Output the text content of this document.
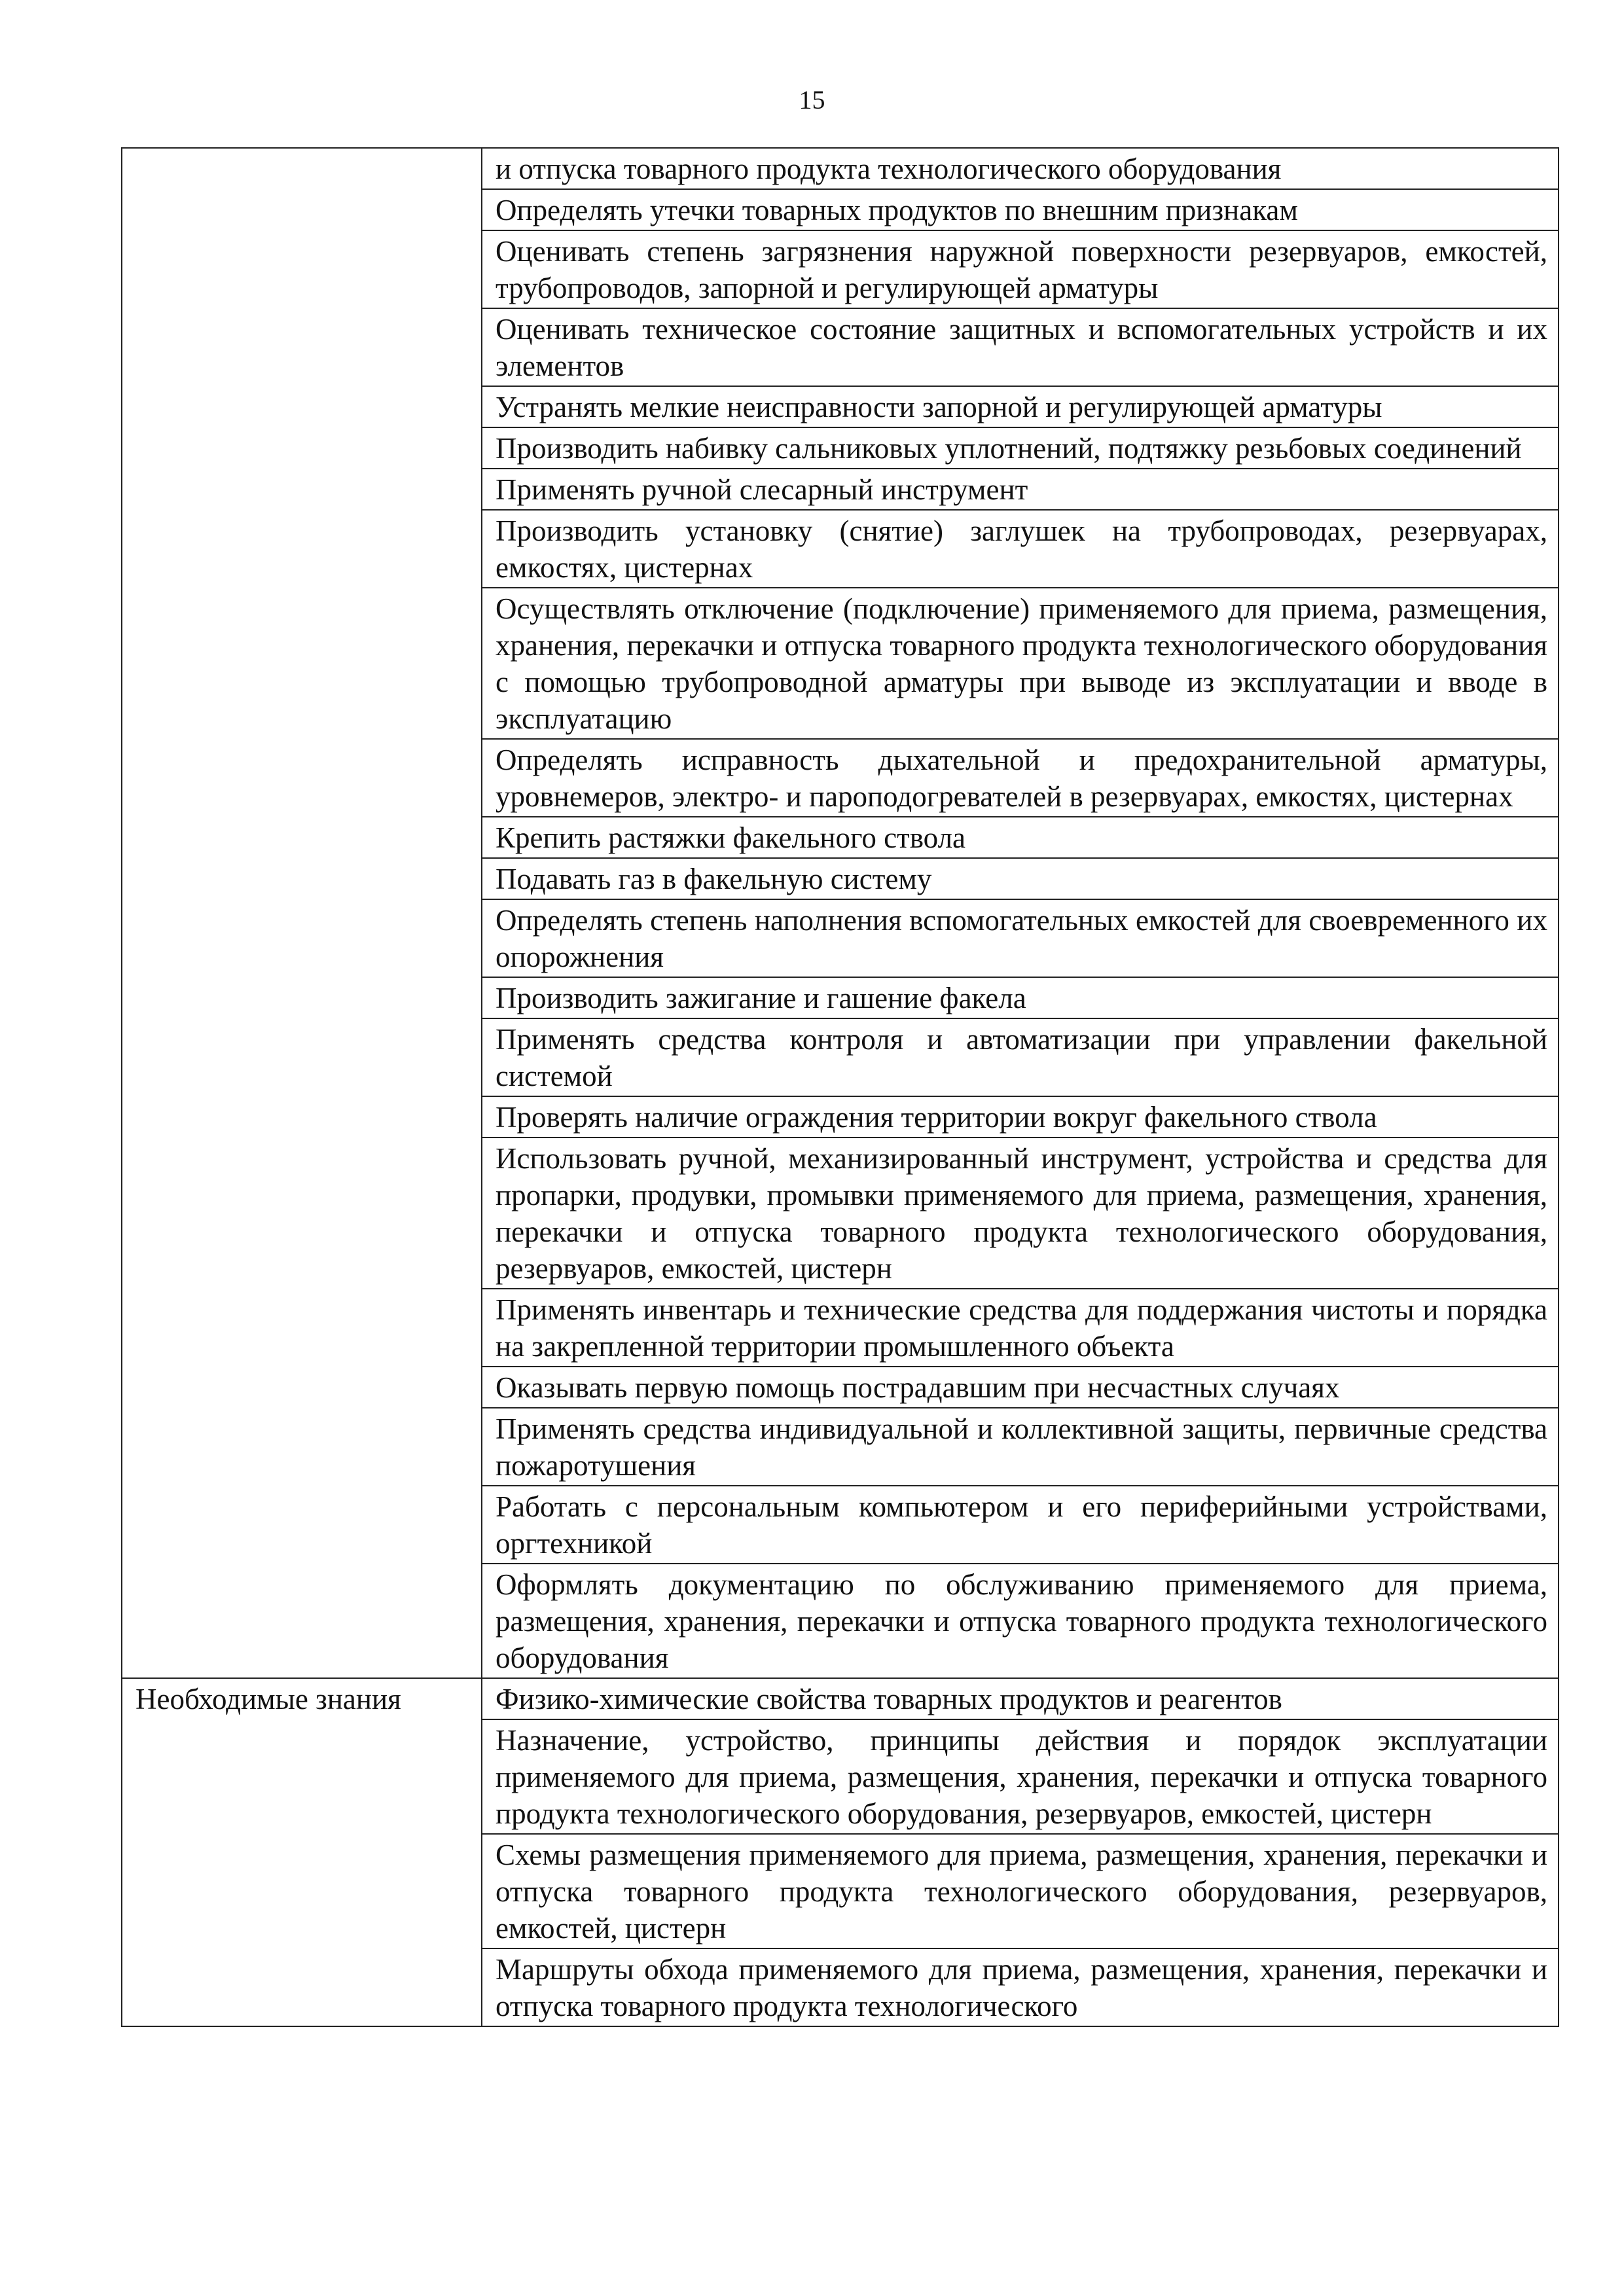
15
	и отпуска товарного продукта технологического оборудования
	Определять утечки товарных продуктов по внешним признакам
	Оценивать степень загрязнения наружной поверхности резервуаров, емкостей, трубопроводов, запорной и регулирующей арматуры
	Оценивать техническое состояние защитных и вспомогательных устройств и их элементов
	Устранять мелкие неисправности запорной и регулирующей арматуры
	Производить набивку сальниковых уплотнений, подтяжку резьбовых соединений
	Применять ручной слесарный инструмент
	Производить установку (снятие) заглушек на трубопроводах, резервуарах, емкостях, цистернах
	Осуществлять отключение (подключение) применяемого для приема, размещения, хранения, перекачки и отпуска товарного продукта технологического оборудования с помощью трубопроводной арматуры при выводе из эксплуатации и вводе в эксплуатацию
	Определять исправность дыхательной и предохранительной арматуры, уровнемеров, электро- и пароподогревателей в резервуарах, емкостях, цистернах
	Крепить растяжки факельного ствола
	Подавать газ в факельную систему
	Определять степень наполнения вспомогательных емкостей для своевременного их опорожнения
	Производить зажигание и гашение факела
	Применять средства контроля и автоматизации при управлении факельной системой
	Проверять наличие ограждения территории вокруг факельного ствола
	Использовать ручной, механизированный инструмент, устройства и средства для пропарки, продувки, промывки применяемого для приема, размещения, хранения, перекачки и отпуска товарного продукта технологического оборудования, резервуаров, емкостей, цистерн
	Применять инвентарь и технические средства для поддержания чистоты и порядка на закрепленной территории промышленного объекта
	Оказывать первую помощь пострадавшим при несчастных случаях
	Применять средства индивидуальной и коллективной защиты, первичные средства пожаротушения
	Работать с персональным компьютером и его периферийными устройствами, оргтехникой
	Оформлять документацию по обслуживанию применяемого для приема, размещения, хранения, перекачки и отпуска товарного продукта технологического оборудования
Необходимые знания	Физико-химические свойства товарных продуктов и реагентов
	Назначение, устройство, принципы действия и порядок эксплуатации применяемого для приема, размещения, хранения, перекачки и отпуска товарного продукта технологического оборудования, резервуаров, емкостей, цистерн
	Схемы размещения применяемого для приема, размещения, хранения, перекачки и отпуска товарного продукта технологического оборудования, резервуаров, емкостей, цистерн
	Маршруты обхода применяемого для приема, размещения, хранения, перекачки и отпуска товарного продукта технологического
